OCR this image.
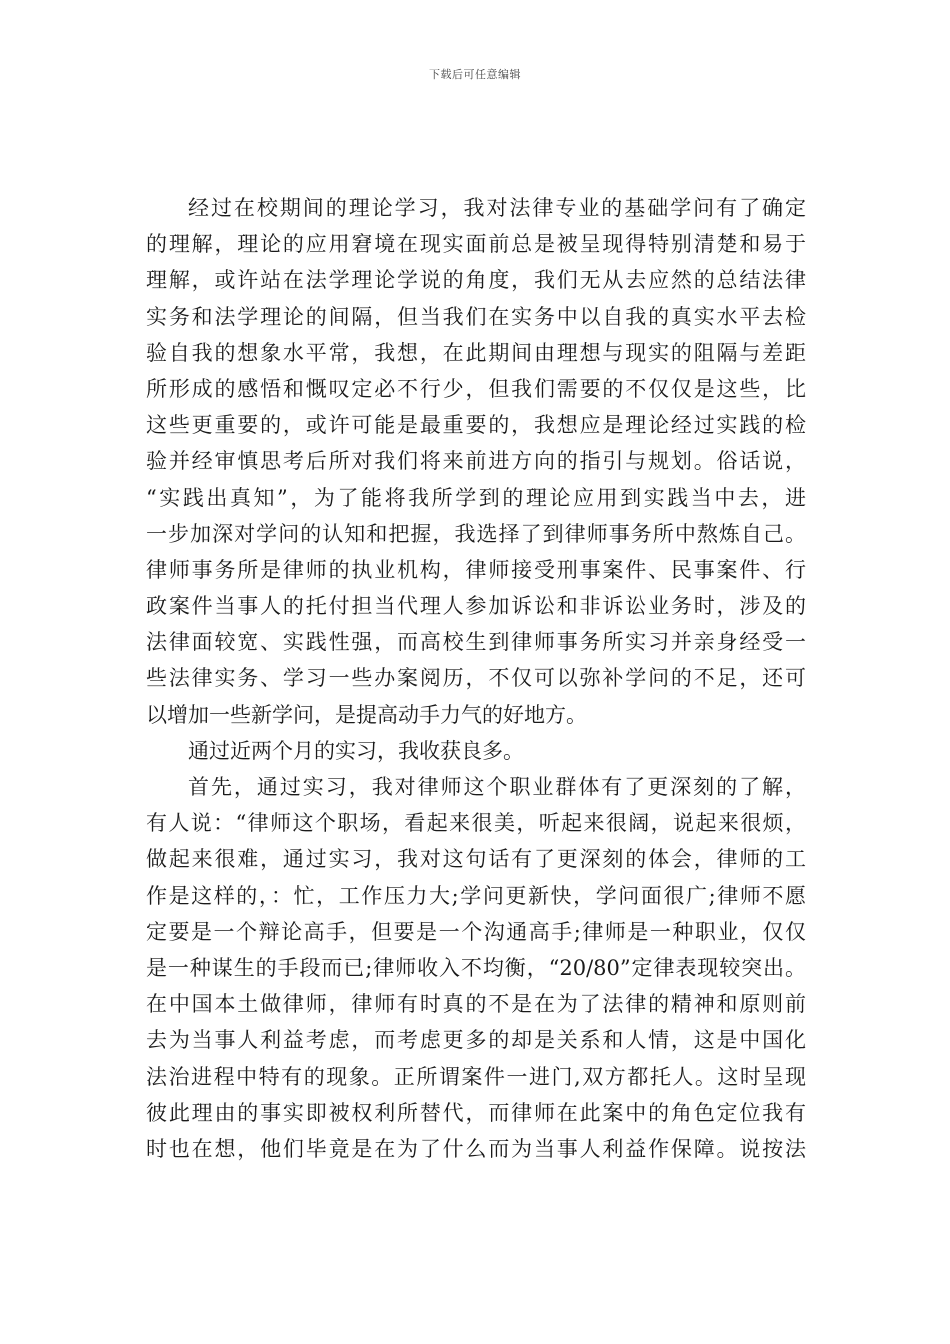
下载后可任意编辑
经过在校期间的理论学习，我对法律专业的基础学问有了确定
的理解，理论的应用窘境在现实面前总是被呈现得特别清楚和易于
理解，或许站在法学理论学说的角度，我们无从去应然的总结法律
实务和法学理论的间隔，但当我们在实务中以自我的真实水平去检
验自我的想象水平常，我想，在此期间由理想与现实的阻隔与差距
所形成的感悟和慨叹定必不行少，但我们需要的不仅仅是这些，比
这些更重要的，或许可能是最重要的，我想应是理论经过实践的检
验并经审慎思考后所对我们将来前进方向的指引与规划。俗话说，
“实践出真知”，为了能将我所学到的理论应用到实践当中去，进
一步加深对学问的认知和把握，我选择了到律师事务所中熬炼自己。
律师事务所是律师的执业机构，律师接受刑事案件、民事案件、行
政案件当事人的托付担当代理人参加诉讼和非诉讼业务时，涉及的
法律面较宽、实践性强，而高校生到律师事务所实习并亲身经受一
些法律实务、学习一些办案阅历，不仅可以弥补学问的不足，还可
以增加一些新学问，是提高动手力气的好地方。
通过近两个月的实习，我收获良多。
首先，通过实习，我对律师这个职业群体有了更深刻的了解，
有人说：“律师这个职场，看起来很美，听起来很阔，说起来很烦，
做起来很难，通过实习，我对这句话有了更深刻的体会，律师的工
作是这样的，：忙，工作压力大;学问更新快，学问面很广;律师不愿
定要是一个辩论高手，但要是一个沟通高手;律师是一种职业，仅仅
是一种谋生的手段而已;律师收入不均衡，“20/80”定律表现较突出。
在中国本土做律师，律师有时真的不是在为了法律的精神和原则前
去为当事人利益考虑，而考虑更多的却是关系和人情，这是中国化
法治进程中特有的现象。正所谓案件一进门,双方都托人。这时呈现
彼此理由的事实即被权利所替代，而律师在此案中的角色定位我有
时也在想，他们毕竟是在为了什么而为当事人利益作保障。说按法
